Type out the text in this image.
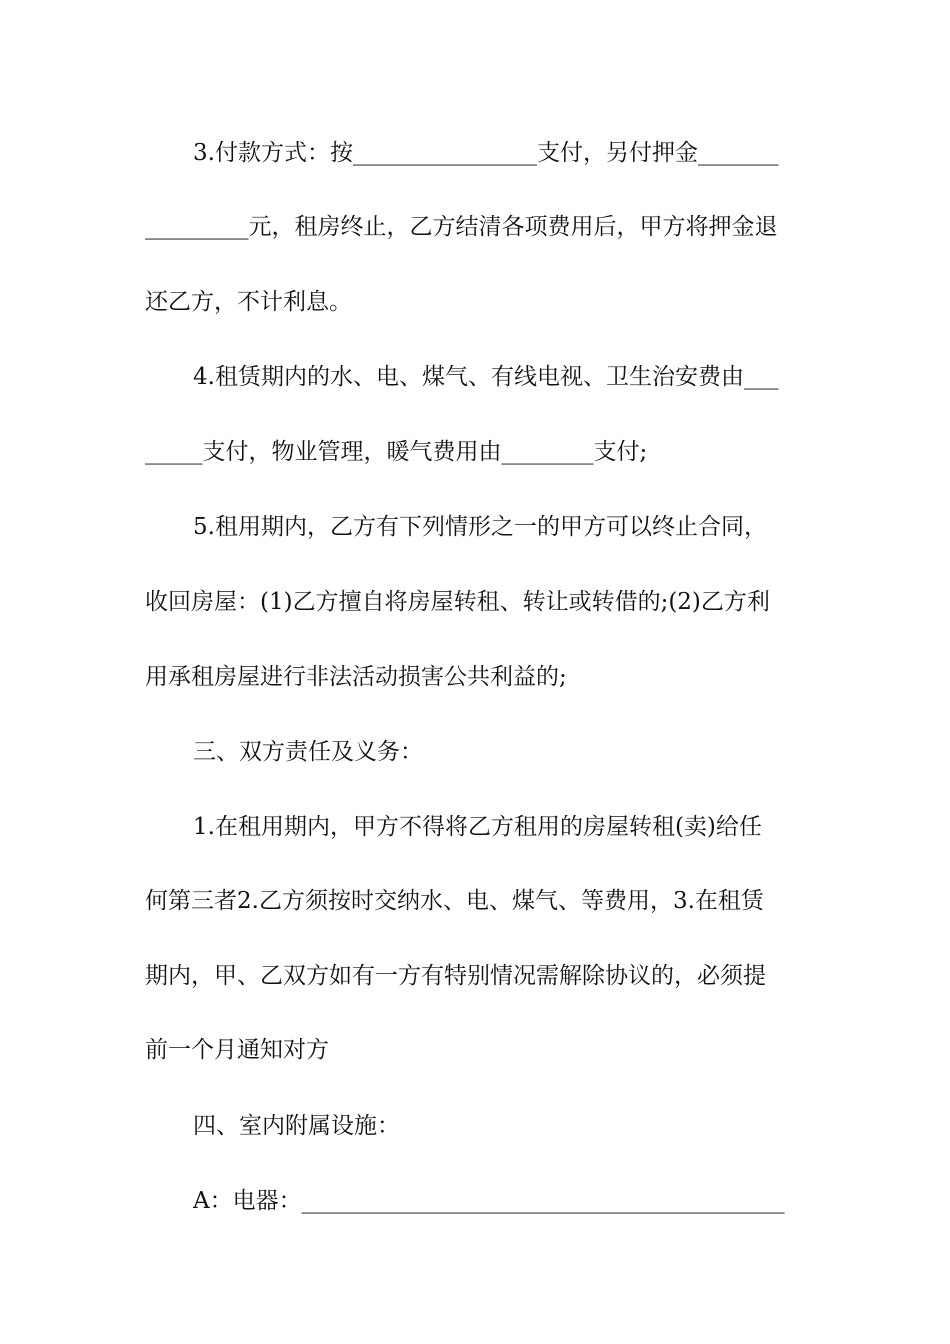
3.付款方式：按________________支付，另付押金_______
_________元，租房终止，乙方结清各项费用后，甲方将押金退
还乙方，不计利息。
4.租赁期内的水、电、煤气、有线电视、卫生治安费由___
_____支付，物业管理，暖气费用由________支付;
5.租用期内，乙方有下列情形之一的甲方可以终止合同，
收回房屋：(1)乙方擅自将房屋转租、转让或转借的;(2)乙方利
用承租房屋进行非法活动损害公共利益的;
三、双方责任及义务：
1.在租用期内，甲方不得将乙方租用的房屋转租(卖)给任
何第三者2.乙方须按时交纳水、电、煤气、等费用，3.在租赁
期内，甲、乙双方如有一方有特别情况需解除协议的，必须提
前一个月通知对方
四、室内附属设施：
A：电器：__________________________________________
